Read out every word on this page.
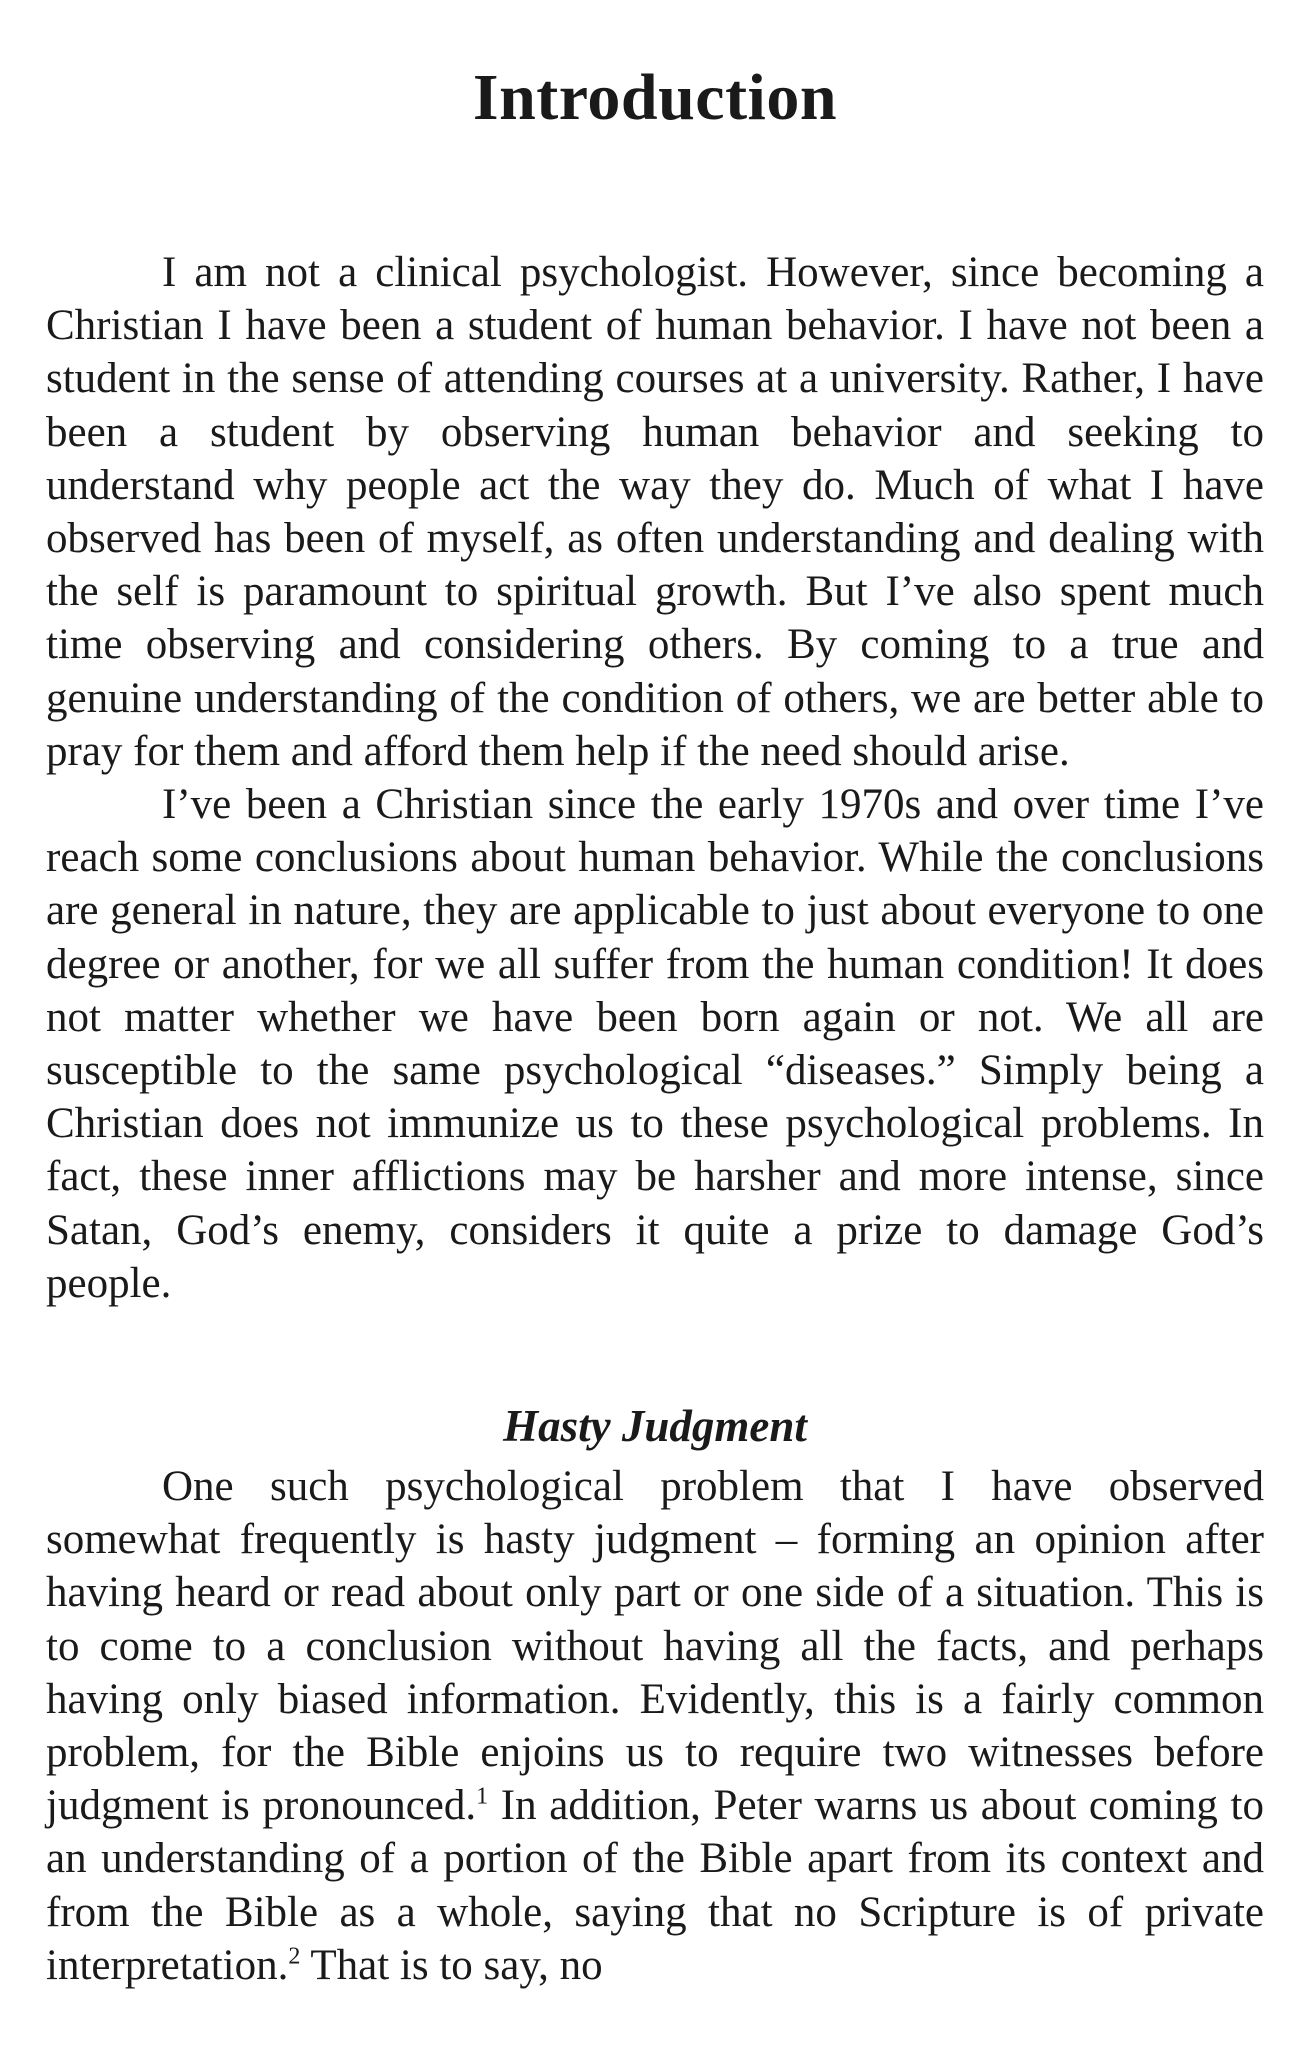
Introduction

I am not a clinical psychologist. However, since becoming a Christian I have been a student of human behavior. I have not been a student in the sense of attending courses at a university. Rather, I have been a student by observing human behavior and seeking to understand why people act the way they do. Much of what I have observed has been of myself, as often understanding and dealing with the self is paramount to spiritual growth. But I’ve also spent much time observing and considering others. By coming to a true and genuine understanding of the condition of others, we are better able to pray for them and afford them help if the need should arise.

I’ve been a Christian since the early 1970s and over time I’ve reach some conclusions about human behavior. While the conclusions are general in nature, they are applicable to just about everyone to one degree or another, for we all suffer from the human condition! It does not matter whether we have been born again or not. We all are susceptible to the same psychological “diseases.” Simply being a Christian does not immunize us to these psychological problems. In fact, these inner afflictions may be harsher and more intense, since Satan, God’s enemy, considers it quite a prize to damage God’s people.

Hasty Judgment

One such psychological problem that I have observed somewhat frequently is hasty judgment – forming an opinion after having heard or read about only part or one side of a situation. This is to come to a conclusion without having all the facts, and perhaps having only biased information. Evidently, this is a fairly common problem, for the Bible enjoins us to require two witnesses before judgment is pronounced.$^1$ In addition, Peter warns us about coming to an understanding of a portion of the Bible apart from its context and from the Bible as a whole, saying that no Scripture is of private interpretation.$^2$ That is to say, no
